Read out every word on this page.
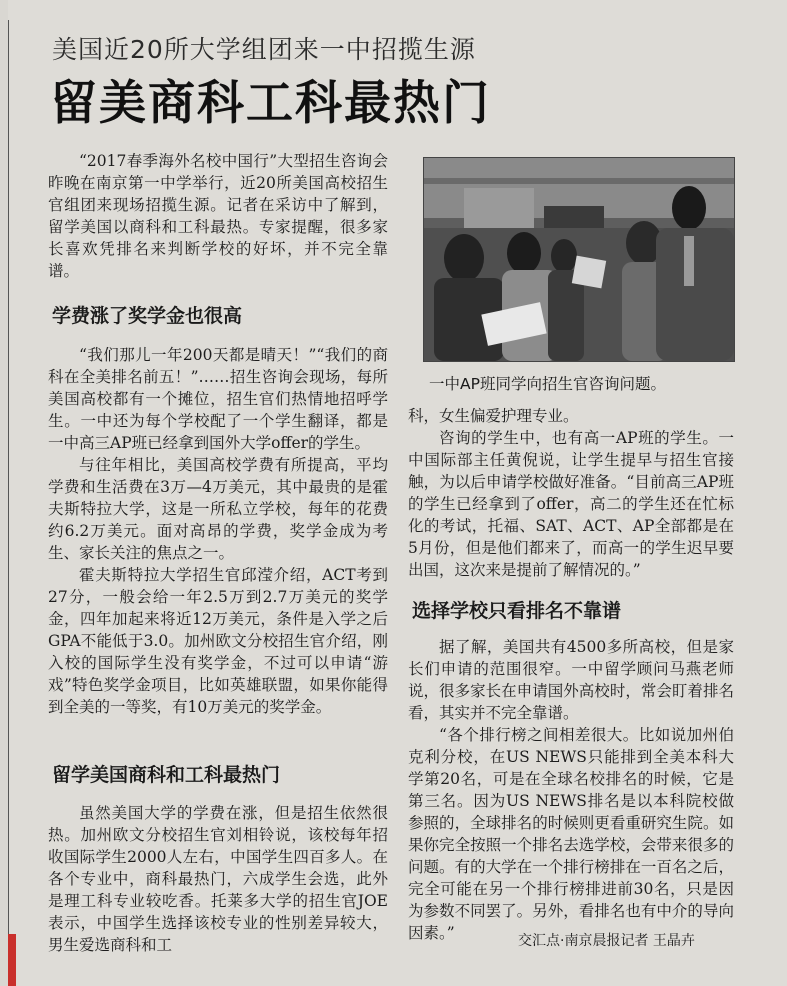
美国近20所大学组团来一中招揽生源
留美商科工科最热门

“2017春季海外名校中国行”大型招生咨询会昨晚在南京第一中学举行，近20所美国高校招生官组团来现场招揽生源。记者在采访中了解到，留学美国以商科和工科最热。专家提醒，很多家长喜欢凭排名来判断学校的好坏，并不完全靠谱。

学费涨了奖学金也很高

“我们那儿一年200天都是晴天！”“我们的商科在全美排名前五！”……招生咨询会现场，每所美国高校都有一个摊位，招生官们热情地招呼学生。一中还为每个学校配了一个学生翻译，都是一中高三AP班已经拿到国外大学offer的学生。

与往年相比，美国高校学费有所提高，平均学费和生活费在3万—4万美元，其中最贵的是霍夫斯特拉大学，这是一所私立学校，每年的花费约6.2万美元。面对高昂的学费，奖学金成为考生、家长关注的焦点之一。

霍夫斯特拉大学招生官邱滢介绍，ACT考到27分，一般会给一年2.5万到2.7万美元的奖学金，四年加起来将近12万美元，条件是入学之后GPA不能低于3.0。加州欧文分校招生官介绍，刚入校的国际学生没有奖学金，不过可以申请“游戏”特色奖学金项目，比如英雄联盟，如果你能得到全美的一等奖，有10万美元的奖学金。

留学美国商科和工科最热门

虽然美国大学的学费在涨，但是招生依然很热。加州欧文分校招生官刘相铃说，该校每年招收国际学生2000人左右，中国学生四百多人。在各个专业中，商科最热门，六成学生会选，此外是理工科专业较吃香。托莱多大学的招生官JOE表示，中国学生选择该校专业的性别差异较大，男生爱选商科和工

一中AP班同学向招生官咨询问题。

科，女生偏爱护理专业。

咨询的学生中，也有高一AP班的学生。一中国际部主任黄倪说，让学生提早与招生官接触，为以后申请学校做好准备。“目前高三AP班的学生已经拿到了offer，高二的学生还在忙标化的考试，托福、SAT、ACT、AP全部都是在5月份，但是他们都来了，而高一的学生迟早要出国，这次来是提前了解情况的。”

选择学校只看排名不靠谱

据了解，美国共有4500多所高校，但是家长们申请的范围很窄。一中留学顾问马燕老师说，很多家长在申请国外高校时，常会盯着排名看，其实并不完全靠谱。

“各个排行榜之间相差很大。比如说加州伯克利分校，在US NEWS只能排到全美本科大学第20名，可是在全球名校排名的时候，它是第三名。因为US NEWS排名是以本科院校做参照的，全球排名的时候则更看重研究生院。如果你完全按照一个排名去选学校，会带来很多的问题。有的大学在一个排行榜排在一百名之后，完全可能在另一个排行榜排进前30名，只是因为参数不同罢了。另外，看排名也有中介的导向因素。”	交汇点·南京晨报记者 王晶卉
